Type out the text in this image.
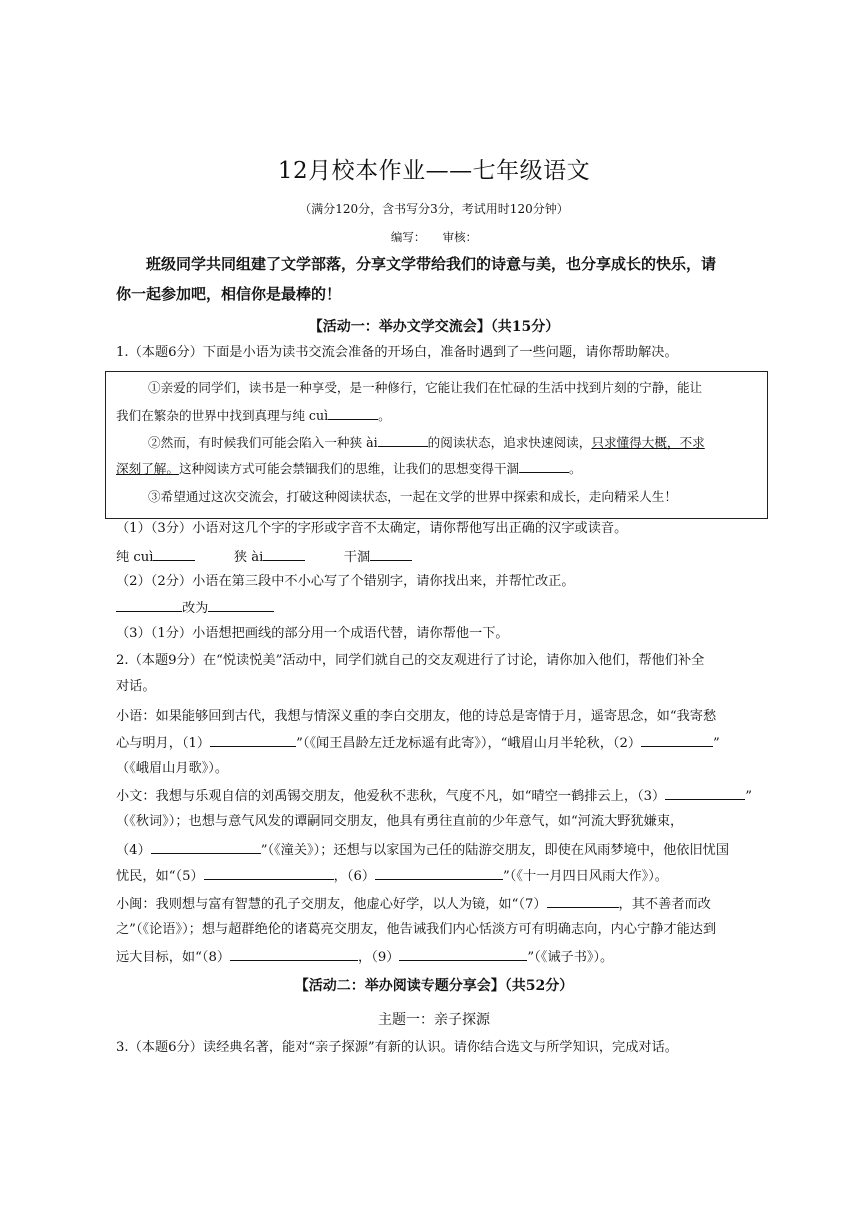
12月校本作业——七年级语文
（满分120分，含书写分3分，考试用时120分钟）
编写：　　审核：
班级同学共同组建了文学部落，分享文学带给我们的诗意与美，也分享成长的快乐，请
你一起参加吧，相信你是最棒的！
【活动一：举办文学交流会】（共15分）
1.（本题6分）下面是小语为读书交流会准备的开场白，准备时遇到了一些问题，请你帮助解决。
①亲爱的同学们，读书是一种享受，是一种修行，它能让我们在忙碌的生活中找到片刻的宁静，能让
我们在繁杂的世界中找到真理与纯 cuì	。
②然而，有时候我们可能会陷入一种狭 ài	的阅读状态，追求快速阅读，只求懂得大概，不求
深刻了解。这种阅读方式可能会禁锢我们的思维，让我们的思想变得干涸	。
③希望通过这次交流会，打破这种阅读状态，一起在文学的世界中探索和成长，走向精采人生！
（1）（3分）小语对这几个字的字形或字音不太确定，请你帮他写出正确的汉字或读音。
纯 cuì	狭 ài	干涸
（2）（2分）小语在第三段中不小心写了个错别字，请你找出来，并帮忙改正。
改为
（3）（1分）小语想把画线的部分用一个成语代替，请你帮他一下。
2.（本题9分）在“悦读悦美”活动中，同学们就自己的交友观进行了讨论，请你加入他们，帮他们补全
对话。
小语：如果能够回到古代，我想与情深义重的李白交朋友，他的诗总是寄情于月，遥寄思念，如“我寄愁
心与明月，（1）	”（《闻王昌龄左迁龙标遥有此寄》），“峨眉山月半轮秋，（2）	”
（《峨眉山月歌》）。
小文：我想与乐观自信的刘禹锡交朋友，他爱秋不悲秋，气度不凡，如“晴空一鹤排云上，（3）	”
（《秋词》）；也想与意气风发的谭嗣同交朋友，他具有勇往直前的少年意气，如“河流大野犹嫌束，
（4）	”（《潼关》）；还想与以家国为己任的陆游交朋友，即使在风雨梦境中，他依旧忧国
忧民，如“（5）	，（6）	”（《十一月四日风雨大作》）。
小闽：我则想与富有智慧的孔子交朋友，他虚心好学，以人为镜，如“（7）	，其不善者而改
之”（《论语》）；想与超群绝伦的诸葛亮交朋友，他告诫我们内心恬淡方可有明确志向，内心宁静才能达到
远大目标，如“（8）	，（9）	”（《诫子书》）。
【活动二：举办阅读专题分享会】（共52分）
主题一：亲子探源
3.（本题6分）读经典名著，能对“亲子探源”有新的认识。请你结合选文与所学知识，完成对话。
